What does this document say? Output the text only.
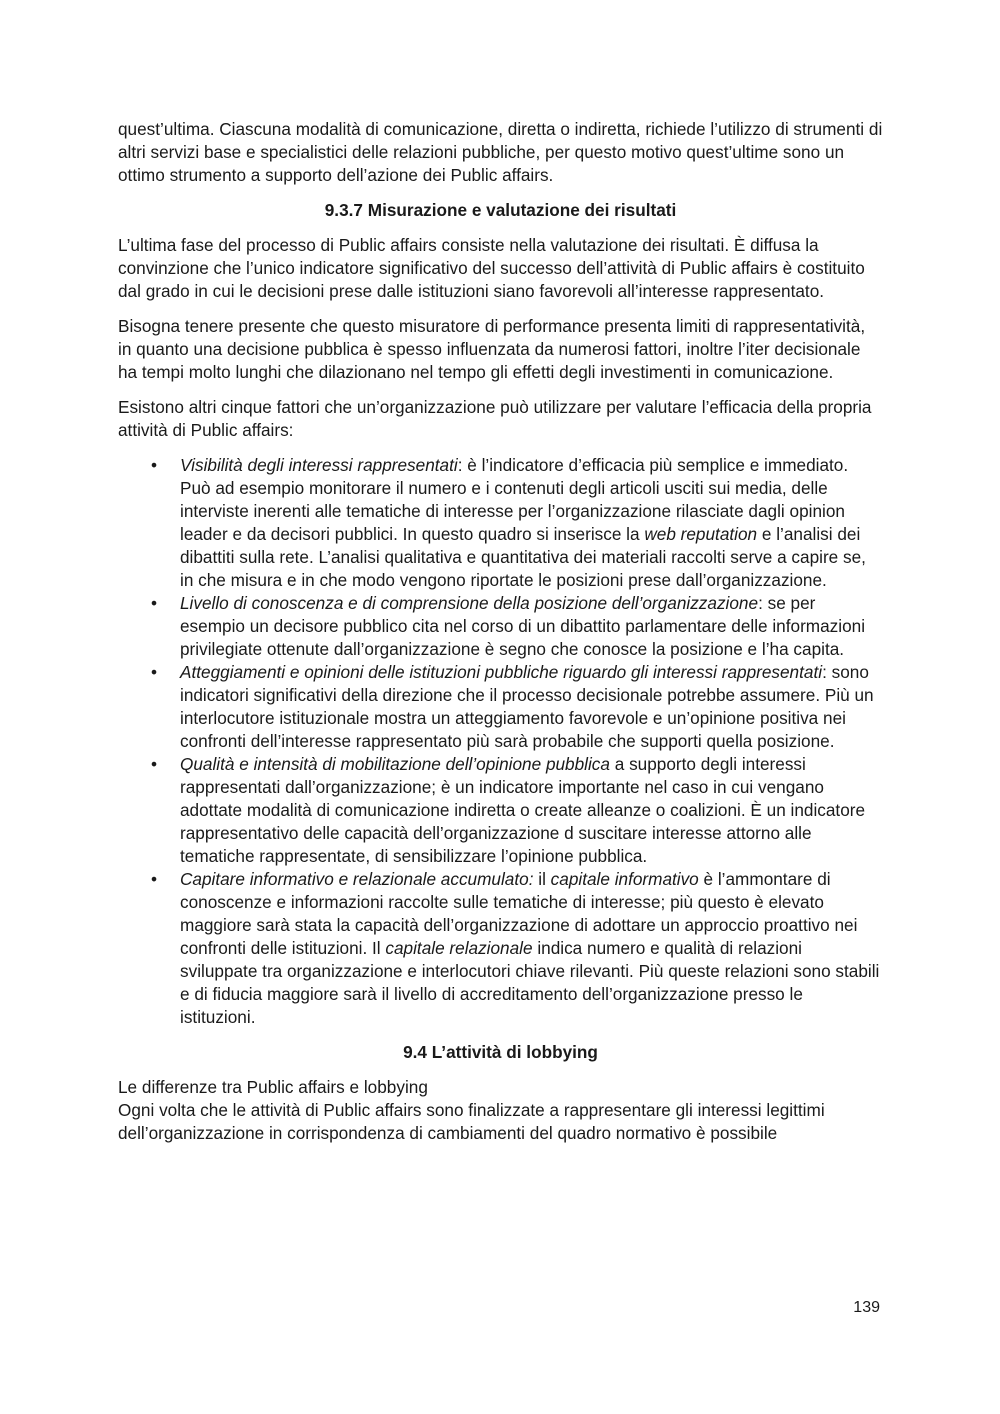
quest’ultima. Ciascuna modalità di comunicazione, diretta o indiretta, richiede l’utilizzo di strumenti di altri servizi base e specialistici delle relazioni pubbliche, per questo motivo quest’ultime sono un ottimo strumento a supporto dell’azione dei Public affairs.

9.3.7 Misurazione e valutazione dei risultati

L’ultima fase del processo di Public affairs consiste nella valutazione dei risultati. È diffusa la convinzione che l’unico indicatore significativo del successo dell’attività di Public affairs è costituito dal grado in cui le decisioni prese dalle istituzioni siano favorevoli all’interesse rappresentato.

Bisogna tenere presente che questo misuratore di performance presenta limiti di rappresentatività, in quanto una decisione pubblica è spesso influenzata da numerosi fattori, inoltre l’iter decisionale ha tempi molto lunghi che dilazionano nel tempo gli effetti degli investimenti in comunicazione.

Esistono altri cinque fattori che un’organizzazione può utilizzare per valutare l’efficacia della propria attività di Public affairs:

• Visibilità degli interessi rappresentati: è l’indicatore d’efficacia più semplice e immediato. Può ad esempio monitorare il numero e i contenuti degli articoli usciti sui media, delle interviste inerenti alle tematiche di interesse per l’organizzazione rilasciate dagli opinion leader e da decisori pubblici. In questo quadro si inserisce la web reputation e l’analisi dei dibattiti sulla rete. L’analisi qualitativa e quantitativa dei materiali raccolti serve a capire se, in che misura e in che modo vengono riportate le posizioni prese dall’organizzazione.
• Livello di conoscenza e di comprensione della posizione dell’organizzazione: se per esempio un decisore pubblico cita nel corso di un dibattito parlamentare delle informazioni privilegiate ottenute dall’organizzazione è segno che conosce la posizione e l’ha capita.
• Atteggiamenti e opinioni delle istituzioni pubbliche riguardo gli interessi rappresentati: sono indicatori significativi della direzione che il processo decisionale potrebbe assumere. Più un interlocutore istituzionale mostra un atteggiamento favorevole e un’opinione positiva nei confronti dell’interesse rappresentato più sarà probabile che supporti quella posizione.
• Qualità e intensità di mobilitazione dell’opinione pubblica a supporto degli interessi rappresentati dall’organizzazione; è un indicatore importante nel caso in cui vengano adottate modalità di comunicazione indiretta o create alleanze o coalizioni. È un indicatore rappresentativo delle capacità dell’organizzazione d suscitare interesse attorno alle tematiche rappresentate, di sensibilizzare l’opinione pubblica.
• Capitare informativo e relazionale accumulato: il capitale informativo è l’ammontare di conoscenze e informazioni raccolte sulle tematiche di interesse; più questo è elevato maggiore sarà stata la capacità dell’organizzazione di adottare un approccio proattivo nei confronti delle istituzioni. Il capitale relazionale indica numero e qualità di relazioni sviluppate tra organizzazione e interlocutori chiave rilevanti. Più queste relazioni sono stabili e di fiducia maggiore sarà il livello di accreditamento dell’organizzazione presso le istituzioni.

9.4 L’attività di lobbying

Le differenze tra Public affairs e lobbying

Ogni volta che le attività di Public affairs sono finalizzate a rappresentare gli interessi legittimi dell’organizzazione in corrispondenza di cambiamenti del quadro normativo è possibile

139
